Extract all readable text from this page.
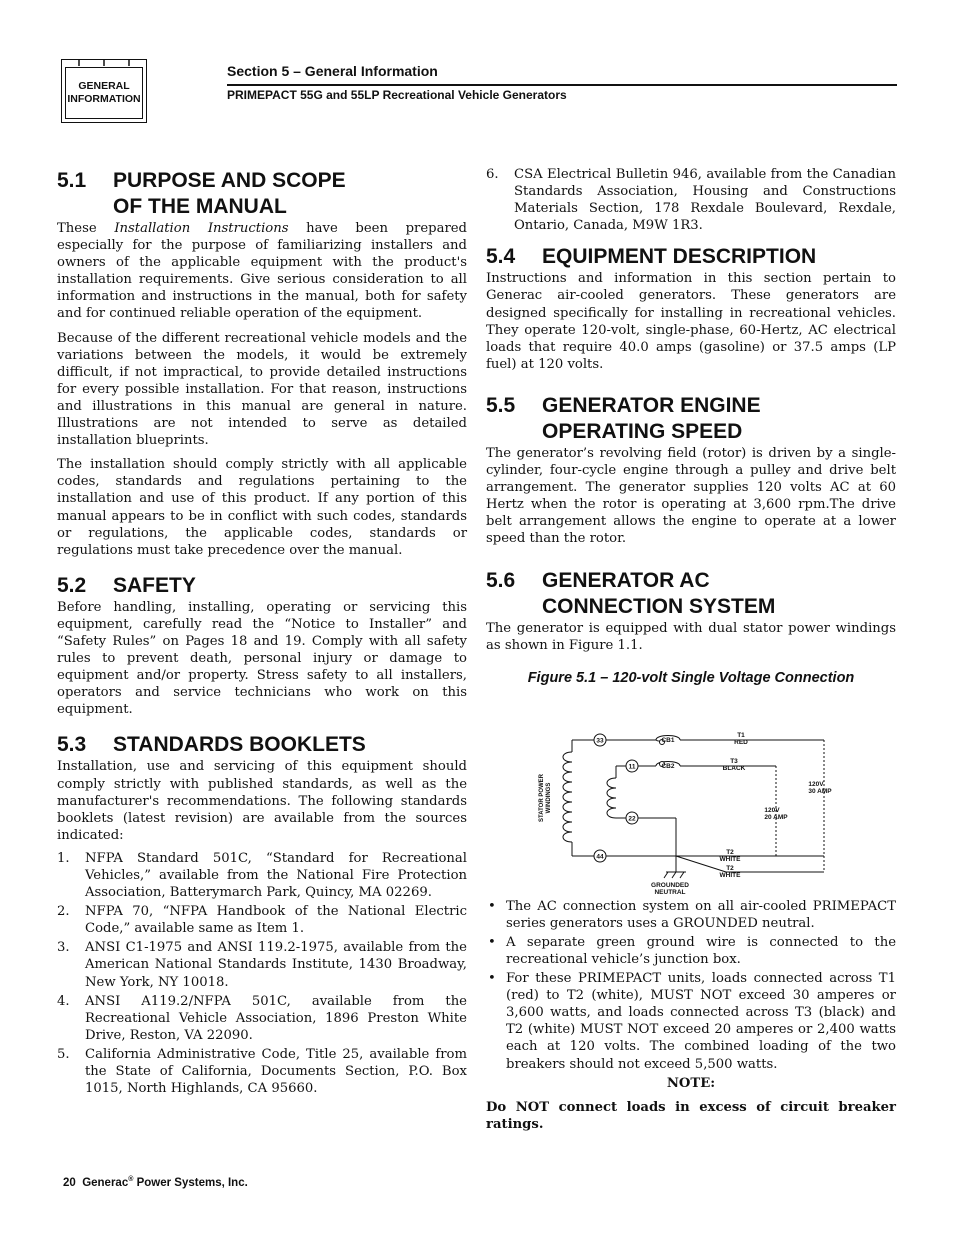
GENERAL
INFORMATION
Section 5 – General Information
PRIMEPACT 55G and 55LP Recreational Vehicle Generators
5.1	PURPOSE AND SCOPE
OF THE MANUAL

These Installation Instructions have been prepared especially for the purpose of familiarizing installers and owners of the applicable equipment with the product's installation requirements. Give serious consideration to all information and instructions in the manual, both for safety and for continued reliable operation of the equipment.

Because of the different recreational vehicle models and the variations between the models, it would be extremely difficult, if not impractical, to provide detailed instructions for every possible installation. For that reason, instructions and illustrations in this manual are general in nature. Illustrations are not intended to serve as detailed installation blueprints.

The installation should comply strictly with all applicable codes, standards and regulations pertaining to the installation and use of this product. If any portion of this manual appears to be in conflict with such codes, standards or regulations, the applicable codes, standards or regulations must take precedence over the manual.

5.2	SAFETY

Before handling, installing, operating or servicing this equipment, carefully read the “Notice to Installer” and “Safety Rules” on Pages 18 and 19. Comply with all safety rules to prevent death, personal injury or damage to equipment and/or property. Stress safety to all installers, operators and service technicians who work on this equipment.

5.3	STANDARDS BOOKLETS

Installation, use and servicing of this equipment should comply strictly with published standards, as well as the manufacturer's recommendations. The following standards booklets (latest revision) are available from the sources indicated:

1.	NFPA Standard 501C, “Standard for Recreational Vehicles,” available from the National Fire Protection Association, Batterymarch Park, Quincy, MA 02269.
2.	NFPA 70, “NFPA Handbook of the National Electric Code,” available same as Item 1.
3.	ANSI C1-1975 and ANSI 119.2-1975, available from the American National Standards Institute, 1430 Broadway, New York, NY 10018.
4.	ANSI A119.2/NFPA 501C, available from the Recreational Vehicle Association, 1896 Preston White Drive, Reston, VA 22090.
5.	California Administrative Code, Title 25, available from the State of California, Documents Section, P.O. Box 1015, North Highlands, CA 95660.
6.	CSA Electrical Bulletin 946, available from the Canadian Standards Association, Housing and Constructions Materials Section, 178 Rexdale Boulevard, Rexdale, Ontario, Canada, M9W 1R3.
5.4	EQUIPMENT DESCRIPTION

Instructions and information in this section pertain to Generac air-cooled generators. These generators are designed specifically for installing in recreational vehicles. They operate 120-volt, single-phase, 60-Hertz, AC electrical loads that require 40.0 amps (gasoline) or 37.5 amps (LP fuel) at 120 volts.

5.5	GENERATOR ENGINE
OPERATING SPEED

The generator’s revolving field (rotor) is driven by a single-cylinder, four-cycle engine through a pulley and drive belt arrangement. The generator supplies 120 volts AC at 60 Hertz when the rotor is operating at 3,600 rpm.The drive belt arrangement allows the engine to operate at a lower speed than the rotor.

5.6	GENERATOR AC
CONNECTION SYSTEM

The generator is equipped with dual stator power windings as shown in Figure 1.1.

Figure 5.1 – 120-volt Single Voltage Connection
33
11
22
44
CB1
CB2
T1
RED
T3
BLACK
T2
WHITE
T2
WHITE
120V
20 AMP
120V
30 AMP
GROUNDED
NEUTRAL
STATOR POWER WINDINGS
• The AC connection system on all air-cooled PRIMEPACT series generators uses a GROUNDED neutral.
• A separate green ground wire is connected to the recreational vehicle’s junction box.
• For these PRIMEPACT units, loads connected across T1 (red) to T2 (white), MUST NOT exceed 30 amperes or 3,600 watts, and loads connected across T3 (black) and T2 (white) MUST NOT exceed 20 amperes or 2,400 watts each at 120 volts. The combined loading of the two breakers should not exceed 5,500 watts.

NOTE:

Do NOT connect loads in excess of circuit breaker ratings.

20 Generac® Power Systems, Inc.
